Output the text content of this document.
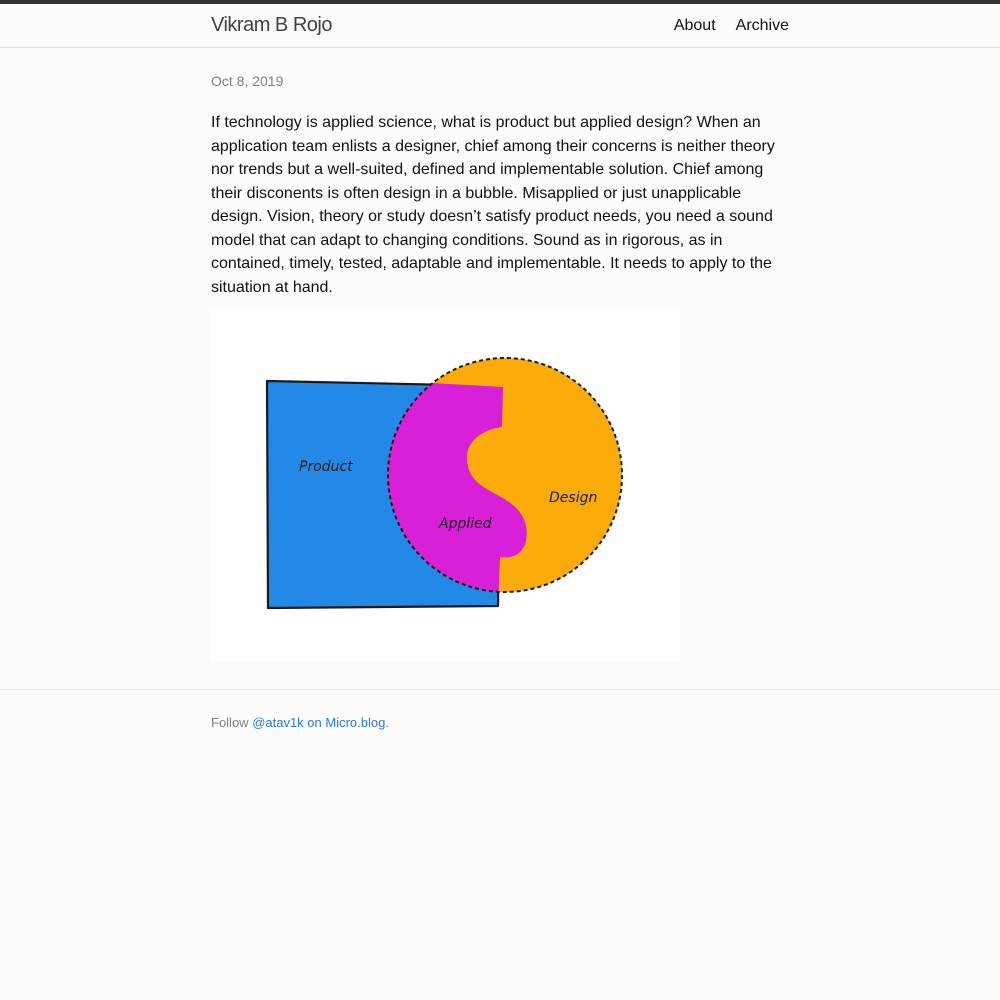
Vikram B Rojo	About Archive
Oct 8, 2019

If technology is applied science, what is product but applied design? When an application team enlists a designer, chief among their concerns is neither theory nor trends but a well-suited, defined and implementable solution. Chief among their disconents is often design in a bubble. Misapplied or just unapplicable design. Vision, theory or study doesn’t satisfy product needs, you need a sound model that can adapt to changing conditions. Sound as in rigorous, as in contained, timely, tested, adaptable and implementable. It needs to apply to the situation at hand.

Product
Applied
Design
Follow @atav1k on Micro.blog.
